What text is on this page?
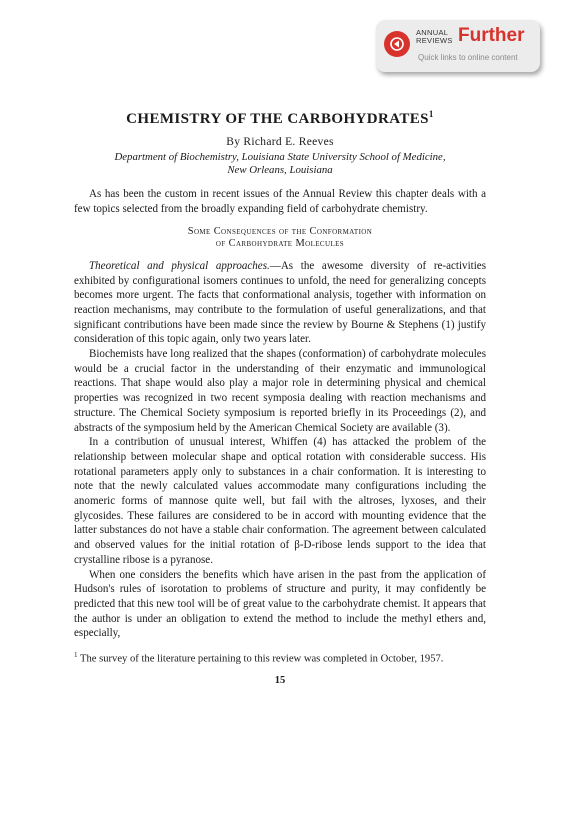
ANNUAL
REVIEWS Further
Quick links to online content
CHEMISTRY OF THE CARBOHYDRATES$^1$
By Richard E. Reeves
Department of Biochemistry, Louisiana State University School of Medicine,
New Orleans, Louisiana

As has been the custom in recent issues of the Annual Review this chapter deals with a few topics selected from the broadly expanding field of carbohydrate chemistry.

Some Consequences of the Conformation
of Carbohydrate Molecules

Theoretical and physical approaches.—As the awesome diversity of re-activities exhibited by configurational isomers continues to unfold, the need for generalizing concepts becomes more urgent. The facts that conformational analysis, together with information on reaction mechanisms, may contribute to the formulation of useful generalizations, and that significant contributions have been made since the review by Bourne & Stephens (1) justify consideration of this topic again, only two years later.

Biochemists have long realized that the shapes (conformation) of carbohydrate molecules would be a crucial factor in the understanding of their enzymatic and immunological reactions. That shape would also play a major role in determining physical and chemical properties was recognized in two recent symposia dealing with reaction mechanisms and structure. The Chemical Society symposium is reported briefly in its Proceedings (2), and abstracts of the symposium held by the American Chemical Society are available (3).

In a contribution of unusual interest, Whiffen (4) has attacked the problem of the relationship between molecular shape and optical rotation with considerable success. His rotational parameters apply only to substances in a chair conformation. It is interesting to note that the newly calculated values accommodate many configurations including the anomeric forms of mannose quite well, but fail with the altroses, lyxoses, and their glycosides. These failures are considered to be in accord with mounting evidence that the latter substances do not have a stable chair conformation. The agreement between calculated and observed values for the initial rotation of β-D-ribose lends support to the idea that crystalline ribose is a pyranose.

When one considers the benefits which have arisen in the past from the application of Hudson's rules of isorotation to problems of structure and purity, it may confidently be predicted that this new tool will be of great value to the carbohydrate chemist. It appears that the author is under an obligation to extend the method to include the methyl ethers and, especially,

$^1$ The survey of the literature pertaining to this review was completed in October, 1957.
15
